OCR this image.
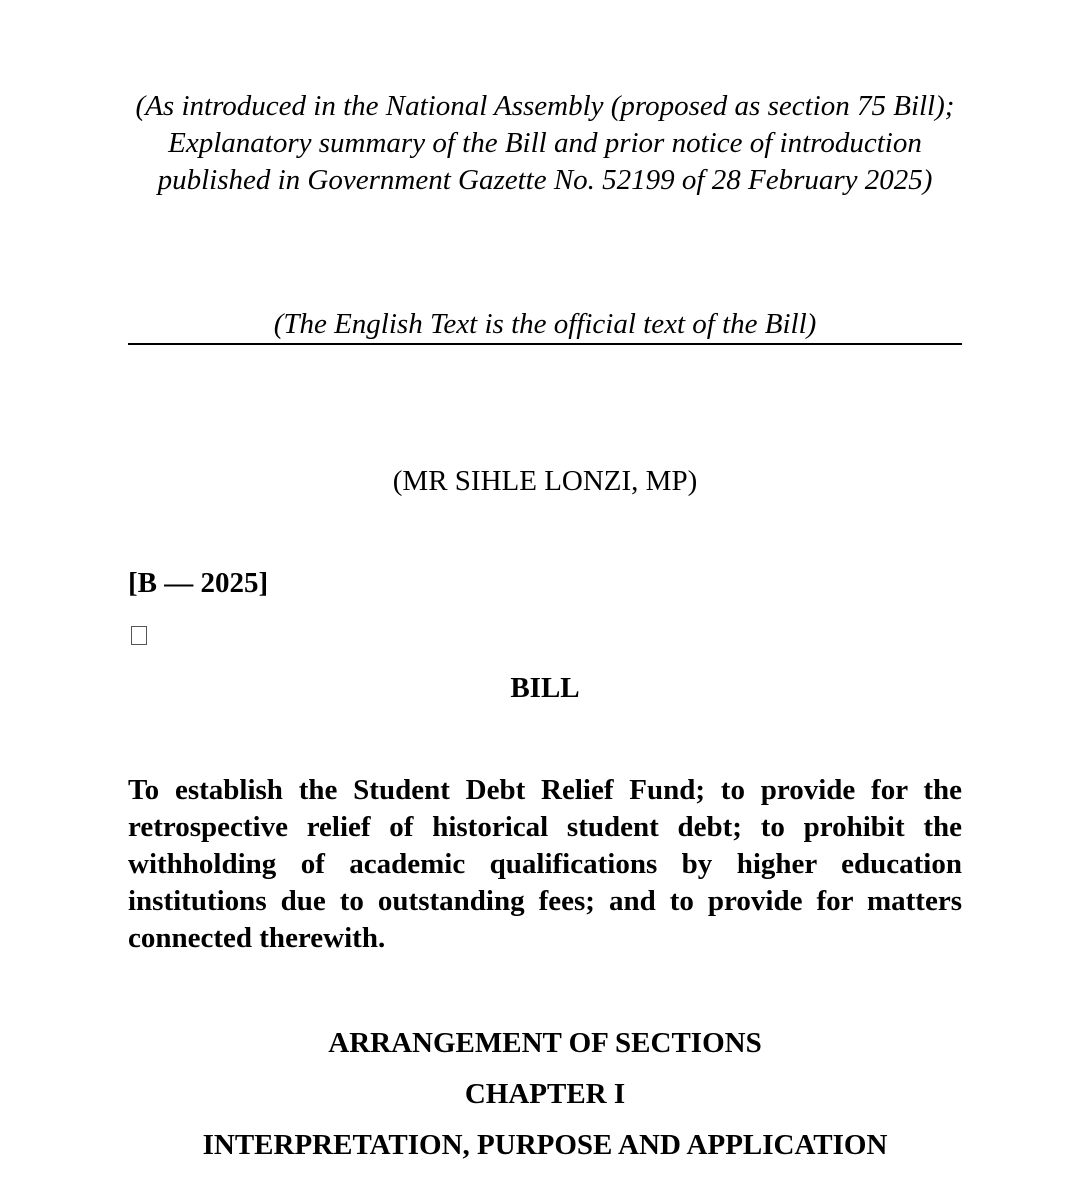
(As introduced in the National Assembly (proposed as section 75 Bill); Explanatory summary of the Bill and prior notice of introduction published in Government Gazette No. 52199 of 28 February 2025)
(The English Text is the official text of the Bill)
(MR SIHLE LONZI, MP)
[B — 2025]
BILL
To establish the Student Debt Relief Fund; to provide for the retrospective relief of historical student debt; to prohibit the withholding of academic qualifications by higher education institutions due to outstanding fees; and to provide for matters connected therewith.
ARRANGEMENT OF SECTIONS
CHAPTER I
INTERPRETATION, PURPOSE AND APPLICATION
